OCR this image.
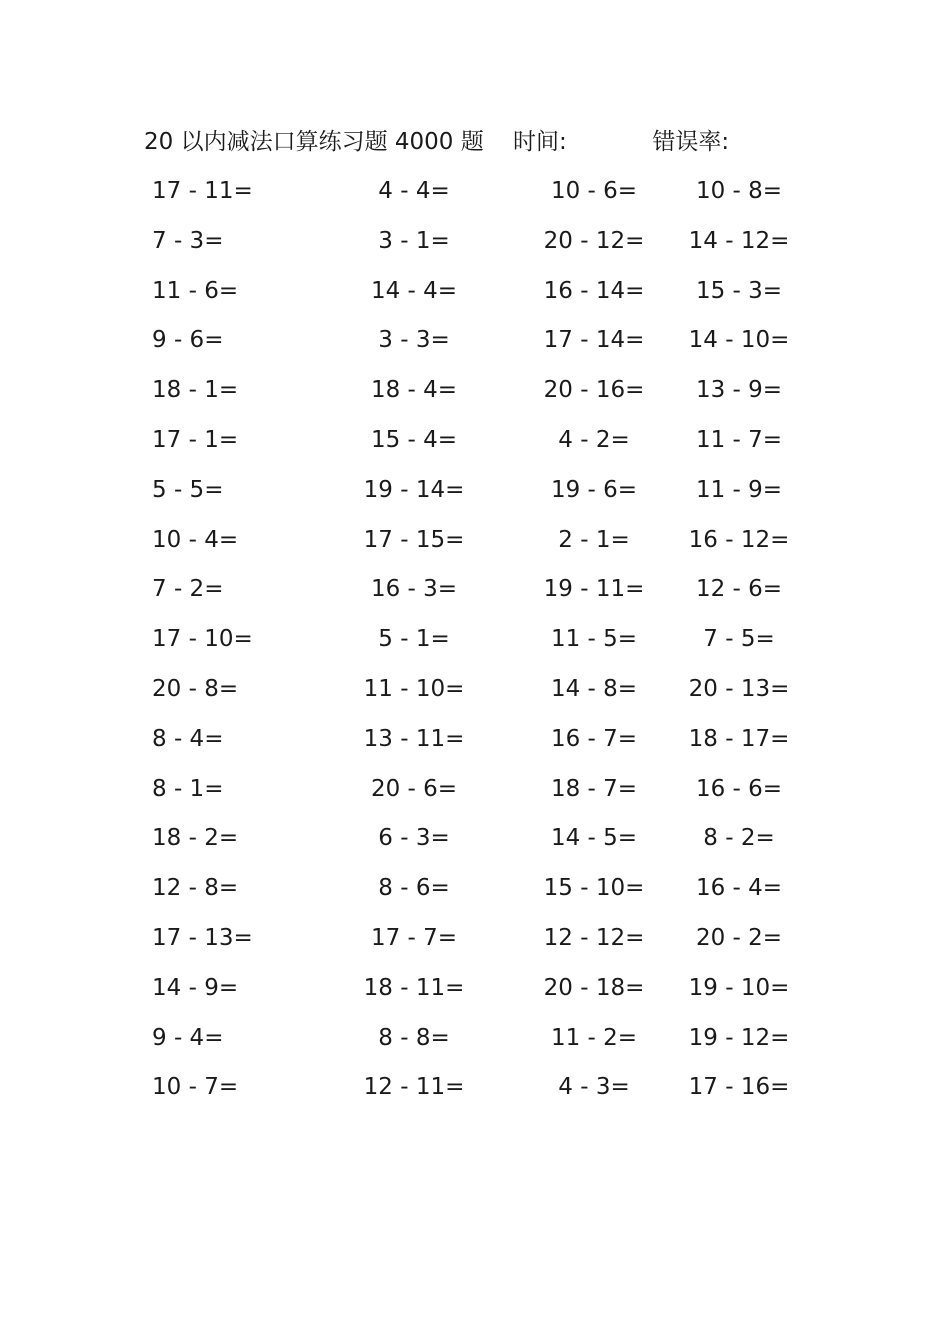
20 以内减法口算练习题 4000 题 时间:	错误率:
17 - 11=	4 - 4=	10 - 6=	10 - 8=
7 - 3=	3 - 1=	20 - 12=	14 - 12=
11 - 6=	14 - 4=	16 - 14=	15 - 3=
9 - 6=	3 - 3=	17 - 14=	14 - 10=
18 - 1=	18 - 4=	20 - 16=	13 - 9=
17 - 1=	15 - 4=	4 - 2=	11 - 7=
5 - 5=	19 - 14=	19 - 6=	11 - 9=
10 - 4=	17 - 15=	2 - 1=	16 - 12=
7 - 2=	16 - 3=	19 - 11=	12 - 6=
17 - 10=	5 - 1=	11 - 5=	7 - 5=
20 - 8=	11 - 10=	14 - 8=	20 - 13=
8 - 4=	13 - 11=	16 - 7=	18 - 17=
8 - 1=	20 - 6=	18 - 7=	16 - 6=
18 - 2=	6 - 3=	14 - 5=	8 - 2=
12 - 8=	8 - 6=	15 - 10=	16 - 4=
17 - 13=	17 - 7=	12 - 12=	20 - 2=
14 - 9=	18 - 11=	20 - 18=	19 - 10=
9 - 4=	8 - 8=	11 - 2=	19 - 12=
10 - 7=	12 - 11=	4 - 3=	17 - 16=
